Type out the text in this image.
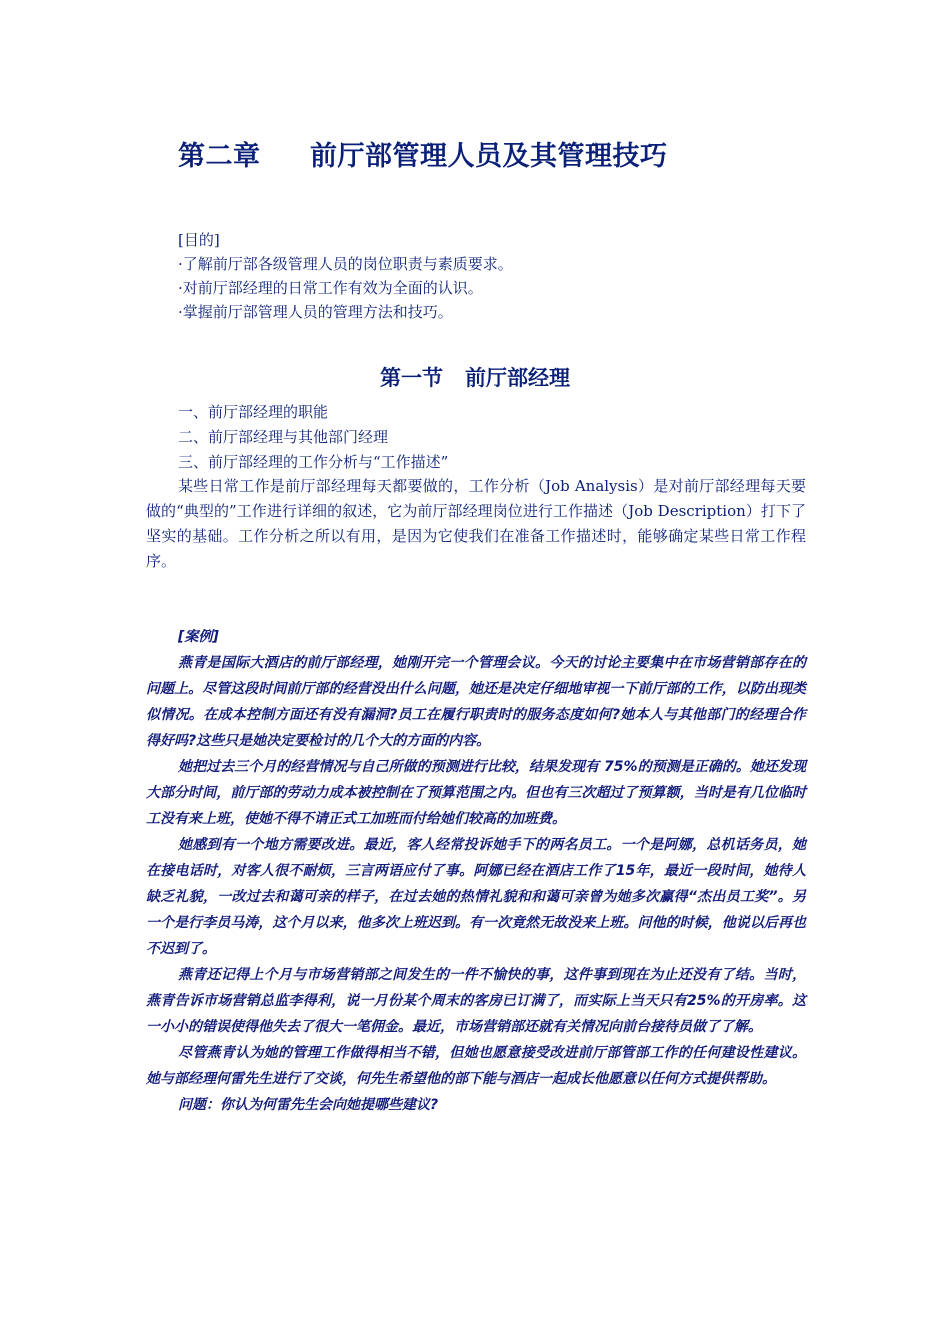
第二章 前厅部管理人员及其管理技巧
[目的]
·了解前厅部各级管理人员的岗位职责与素质要求。
·对前厅部经理的日常工作有效为全面的认识。
·掌握前厅部管理人员的管理方法和技巧。
第一节 前厅部经理
一、前厅部经理的职能
二、前厅部经理与其他部门经理
三、前厅部经理的工作分析与“工作描述”
某些日常工作是前厅部经理每天都要做的，工作分析（Job Analysis）是对前厅部经理每天要做的“典型的”工作进行详细的叙述，它为前厅部经理岗位进行工作描述（Job Description）打下了坚实的基础。工作分析之所以有用，是因为它使我们在准备工作描述时，能够确定某些日常工作程序。
[案例]

燕青是国际大酒店的前厅部经理，她刚开完一个管理会议。今天的讨论主要集中在市场营销部存在的问题上。尽管这段时间前厅部的经营没出什么问题，她还是决定仔细地审视一下前厅部的工作，以防出现类似情况。在成本控制方面还有没有漏洞?员工在履行职责时的服务态度如何?她本人与其他部门的经理合作得好吗?这些只是她决定要检讨的几个大的方面的内容。

她把过去三个月的经营情况与自己所做的预测进行比较，结果发现有 75%的预测是正确的。她还发现大部分时间，前厅部的劳动力成本被控制在了预算范围之内。但也有三次超过了预算额，当时是有几位临时工没有来上班，使她不得不请正式工加班而付给她们较高的加班费。

她感到有一个地方需要改进。最近，客人经常投诉她手下的两名员工。一个是阿娜，总机话务员，她在接电话时，对客人很不耐烦，三言两语应付了事。阿娜已经在酒店工作了15年，最近一段时间，她待人缺乏礼貌，一改过去和蔼可亲的样子，在过去她的热情礼貌和和蔼可亲曾为她多次赢得“杰出员工奖”。另一个是行李员马涛，这个月以来，他多次上班迟到。有一次竟然无故没来上班。问他的时候，他说以后再也不迟到了。

燕青还记得上个月与市场营销部之间发生的一件不愉快的事，这件事到现在为止还没有了结。当时，燕青告诉市场营销总监李得利，说一月份某个周末的客房已订满了，而实际上当天只有25%的开房率。这一小小的错误使得他失去了很大一笔佣金。最近，市场营销部还就有关情况向前台接待员做了了解。

尽管燕青认为她的管理工作做得相当不错，但她也愿意接受改进前厅部管部工作的任何建设性建议。她与部经理何雷先生进行了交谈，何先生希望他的部下能与酒店一起成长他愿意以任何方式提供帮助。

问题：你认为何雷先生会向她提哪些建议?
